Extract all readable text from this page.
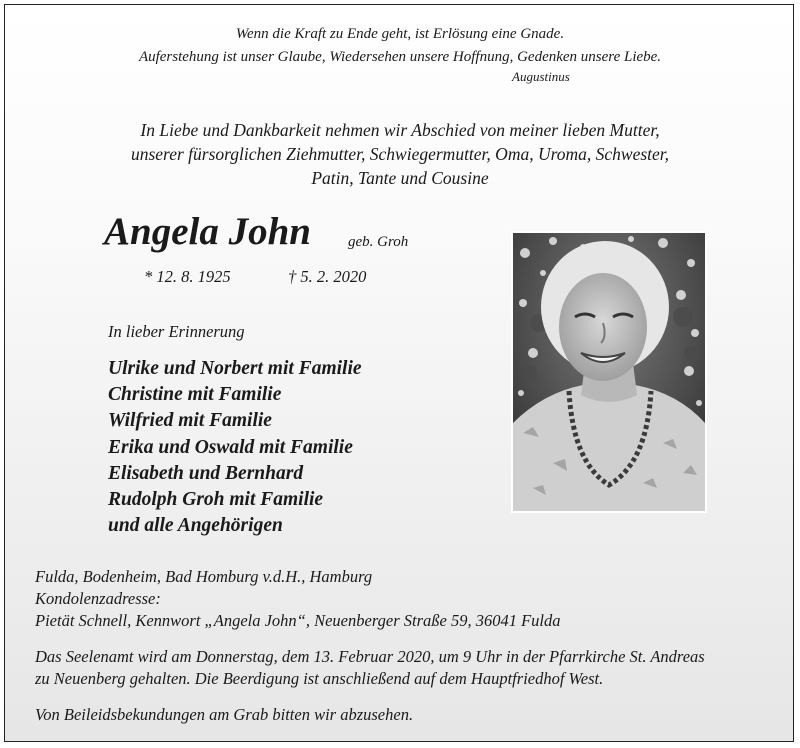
Wenn die Kraft zu Ende geht, ist Erlösung eine Gnade.
Auferstehung ist unser Glaube, Wiedersehen unsere Hoffnung, Gedenken unsere Liebe.
Augustinus
In Liebe und Dankbarkeit nehmen wir Abschied von meiner lieben Mutter,
unserer fürsorglichen Ziehmutter, Schwiegermutter, Oma, Uroma, Schwester,
Patin, Tante und Cousine
Angela John geb. Groh
* 12. 8. 1925	† 5. 2. 2020
In lieber Erinnerung
Ulrike und Norbert mit Familie
Christine mit Familie
Wilfried mit Familie
Erika und Oswald mit Familie
Elisabeth und Bernhard
Rudolph Groh mit Familie
und alle Angehörigen
Fulda, Bodenheim, Bad Homburg v.d.H., Hamburg
Kondolenzadresse:
Pietät Schnell, Kennwort „Angela John“, Neuenberger Straße 59, 36041 Fulda
Das Seelenamt wird am Donnerstag, dem 13. Februar 2020, um 9 Uhr in der Pfarrkirche St. Andreas
zu Neuenberg gehalten. Die Beerdigung ist anschließend auf dem Hauptfriedhof West.
Von Beileidsbekundungen am Grab bitten wir abzusehen.
